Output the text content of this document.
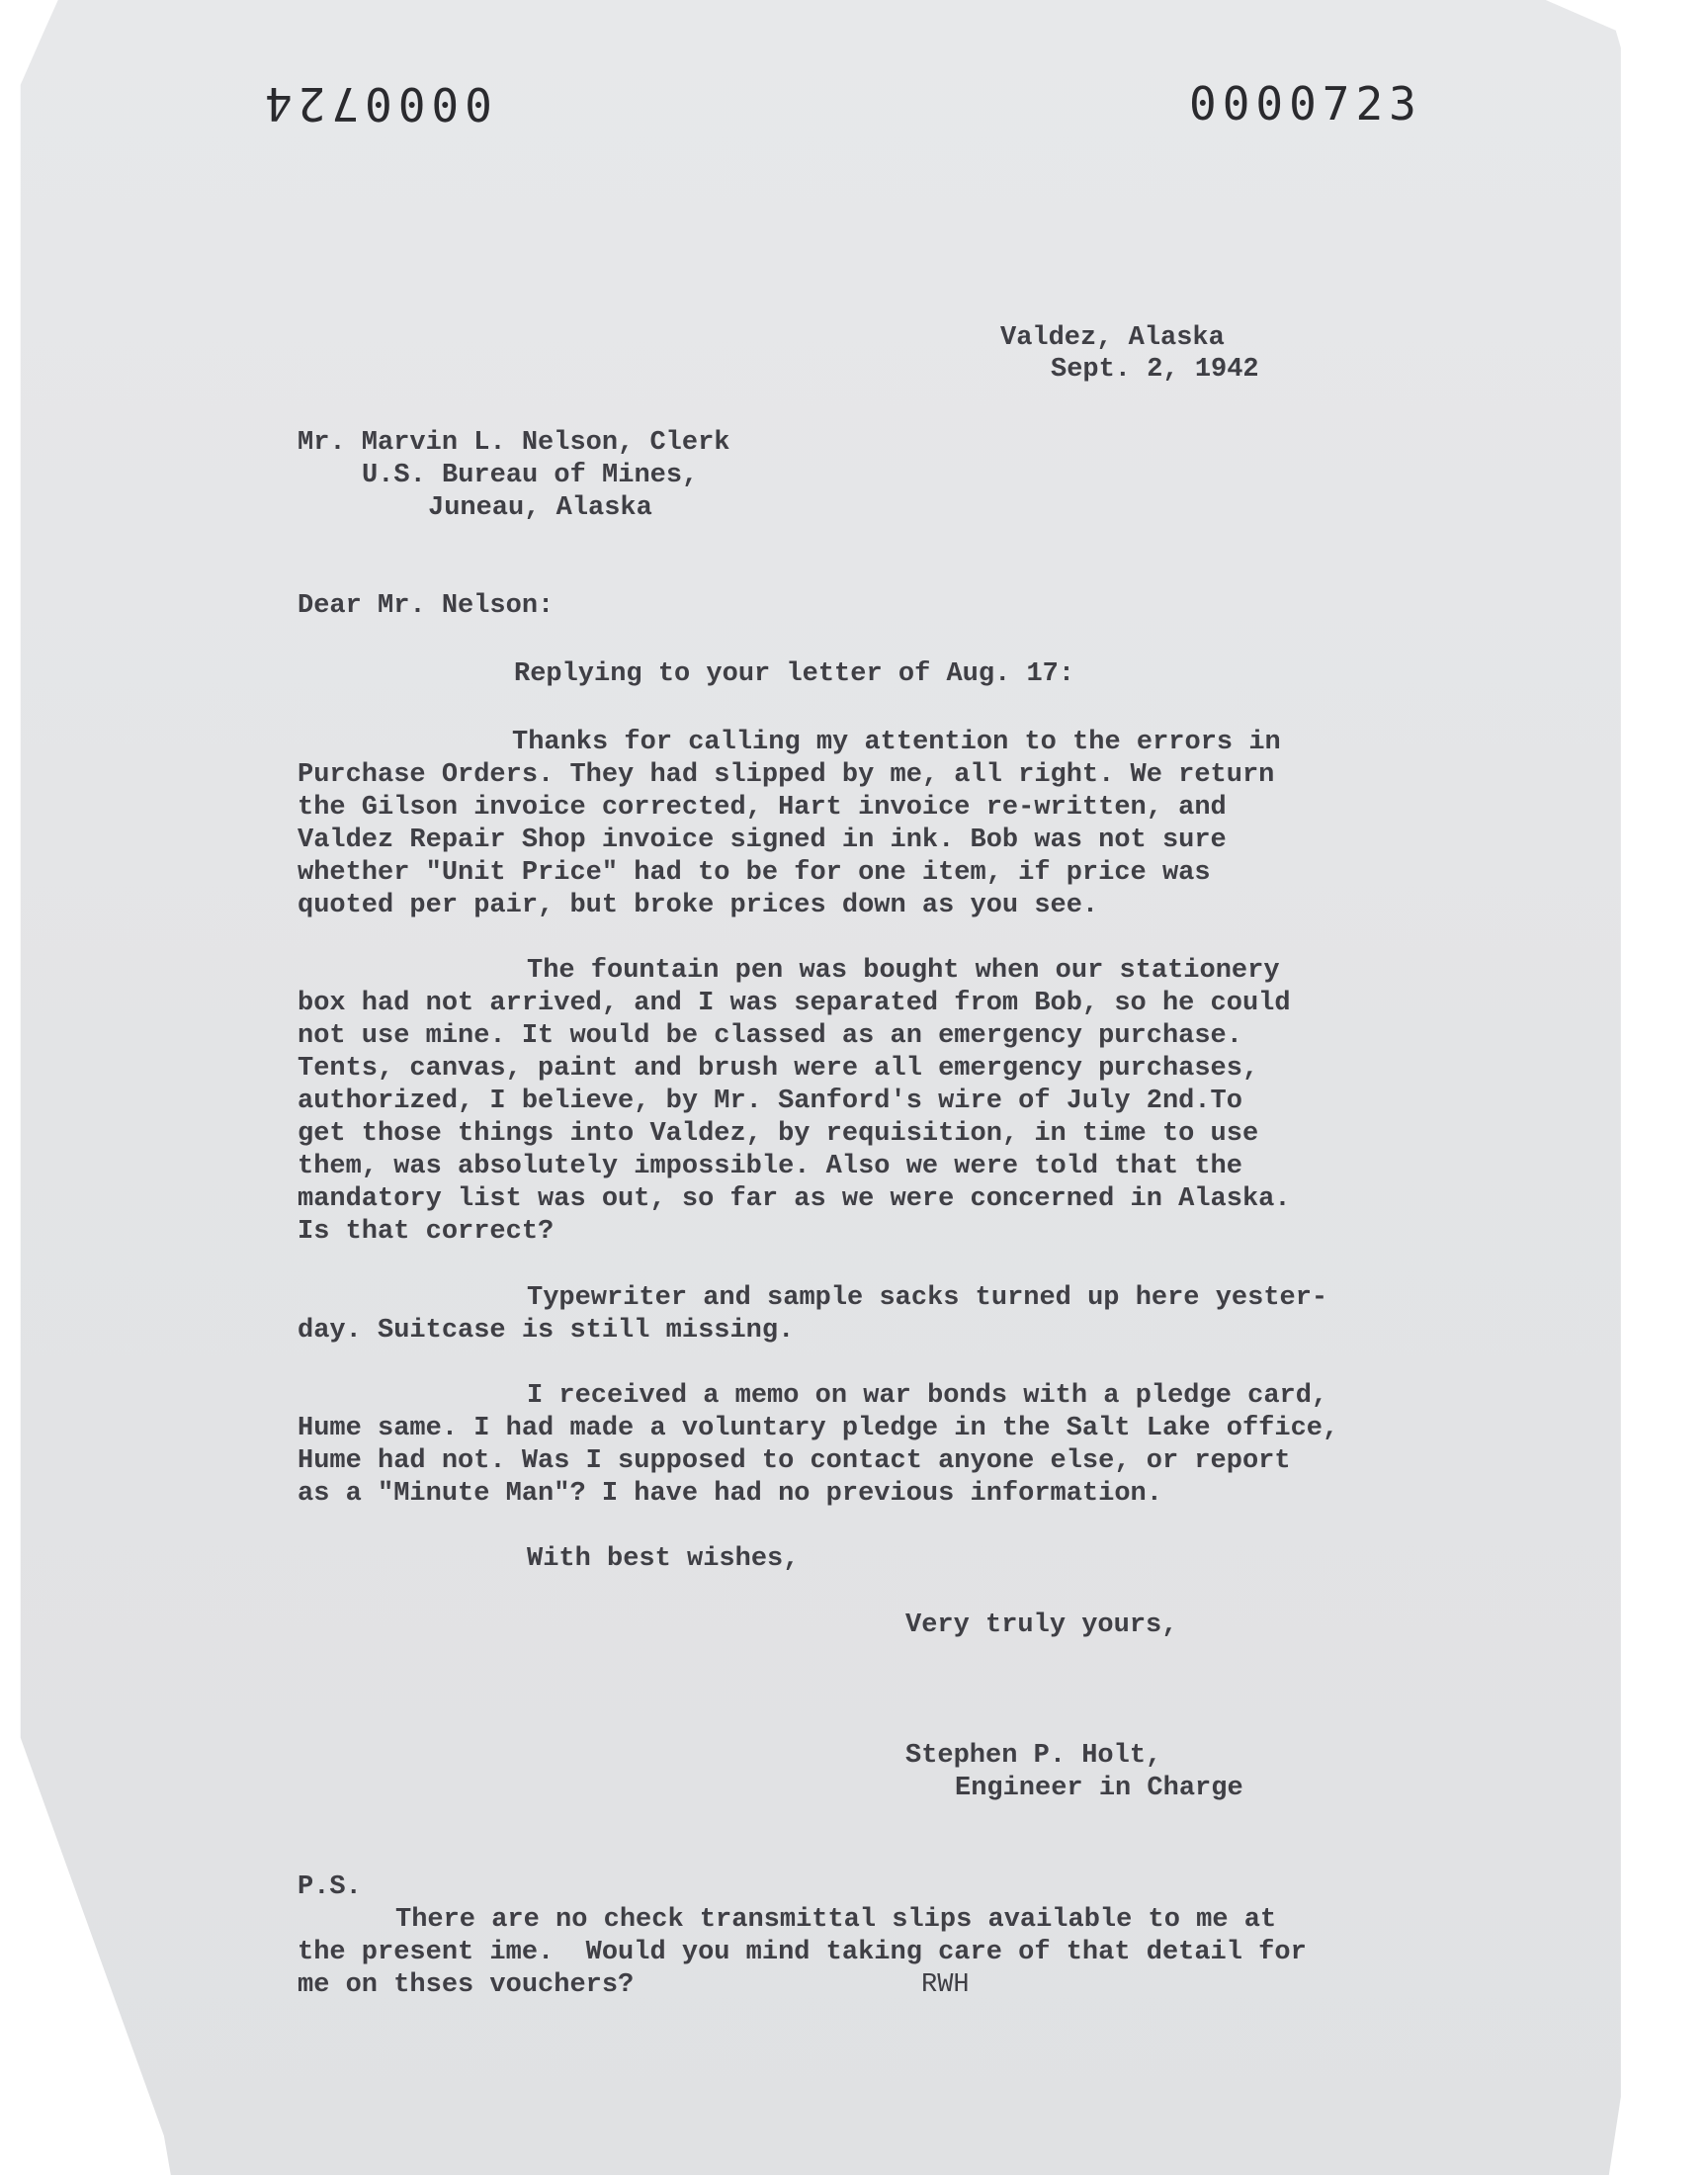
0000724	0000723
Valdez, Alaska
Sept. 2, 1942
Mr. Marvin L. Nelson, Clerk
U.S. Bureau of Mines,
Juneau, Alaska
Dear Mr. Nelson:
Replying to your letter of Aug. 17:
Thanks for calling my attention to the errors in
Purchase Orders. They had slipped by me, all right. We return
the Gilson invoice corrected, Hart invoice re-written, and
Valdez Repair Shop invoice signed in ink. Bob was not sure
whether "Unit Price" had to be for one item, if price was
quoted per pair, but broke prices down as you see.
The fountain pen was bought when our stationery
box had not arrived, and I was separated from Bob, so he could
not use mine. It would be classed as an emergency purchase.
Tents, canvas, paint and brush were all emergency purchases,
authorized, I believe, by Mr. Sanford's wire of July 2nd.To
get those things into Valdez, by requisition, in time to use
them, was absolutely impossible. Also we were told that the
mandatory list was out, so far as we were concerned in Alaska.
Is that correct?
Typewriter and sample sacks turned up here yester-
day. Suitcase is still missing.
I received a memo on war bonds with a pledge card,
Hume same. I had made a voluntary pledge in the Salt Lake office,
Hume had not. Was I supposed to contact anyone else, or report
as a "Minute Man"? I have had no previous information.
With best wishes,
Very truly yours,
Stephen P. Holt,
Engineer in Charge
P.S.
There are no check transmittal slips available to me at
the present ime.  Would you mind taking care of that detail for
me on thses vouchers?	RWH
